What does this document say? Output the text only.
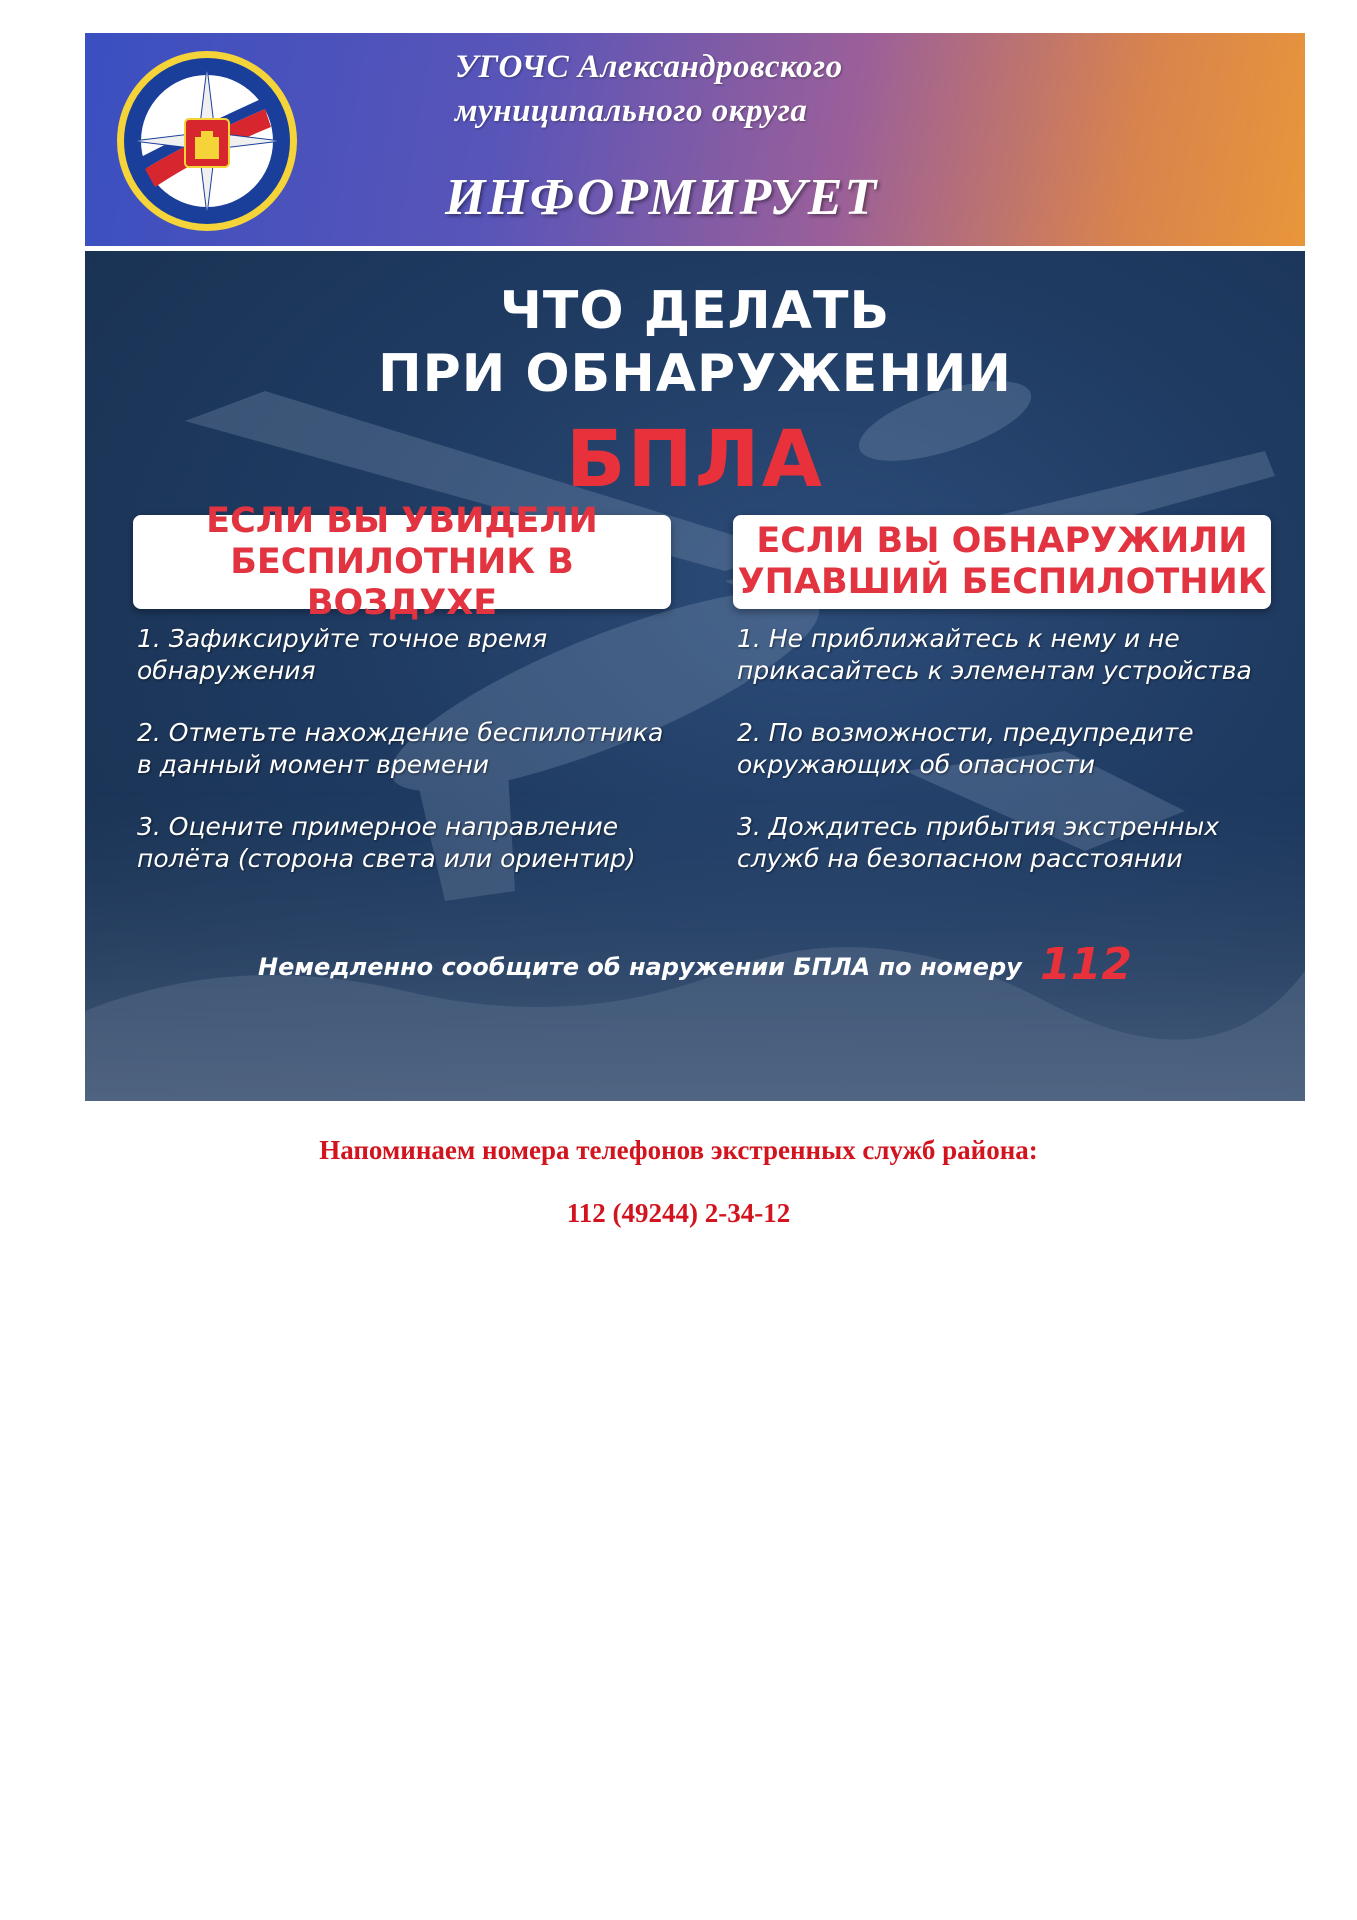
УГОЧС Александровского
муниципального округа
ИНФОРМИРУЕТ
ЧТО ДЕЛАТЬ
ПРИ ОБНАРУЖЕНИИ
БПЛА
ЕСЛИ ВЫ УВИДЕЛИ
БЕСПИЛОТНИК В ВОЗДУХЕ
ЕСЛИ ВЫ ОБНАРУЖИЛИ
УПАВШИЙ БЕСПИЛОТНИК
1. Зафиксируйте точное время обнаружения
2. Отметьте нахождение беспилотника в данный момент времени
3. Оцените примерное направление полёта (сторона света или ориентир)
1. Не приближайтесь к нему и не прикасайтесь к элементам устройства
2. По возможности, предупредите окружающих об опасности
3. Дождитесь прибытия экстренных служб на безопасном расстоянии
Немедленно сообщите об наружении БПЛА по номеру 112
Напоминаем номера телефонов экстренных служб района:
112 (49244) 2-34-12
